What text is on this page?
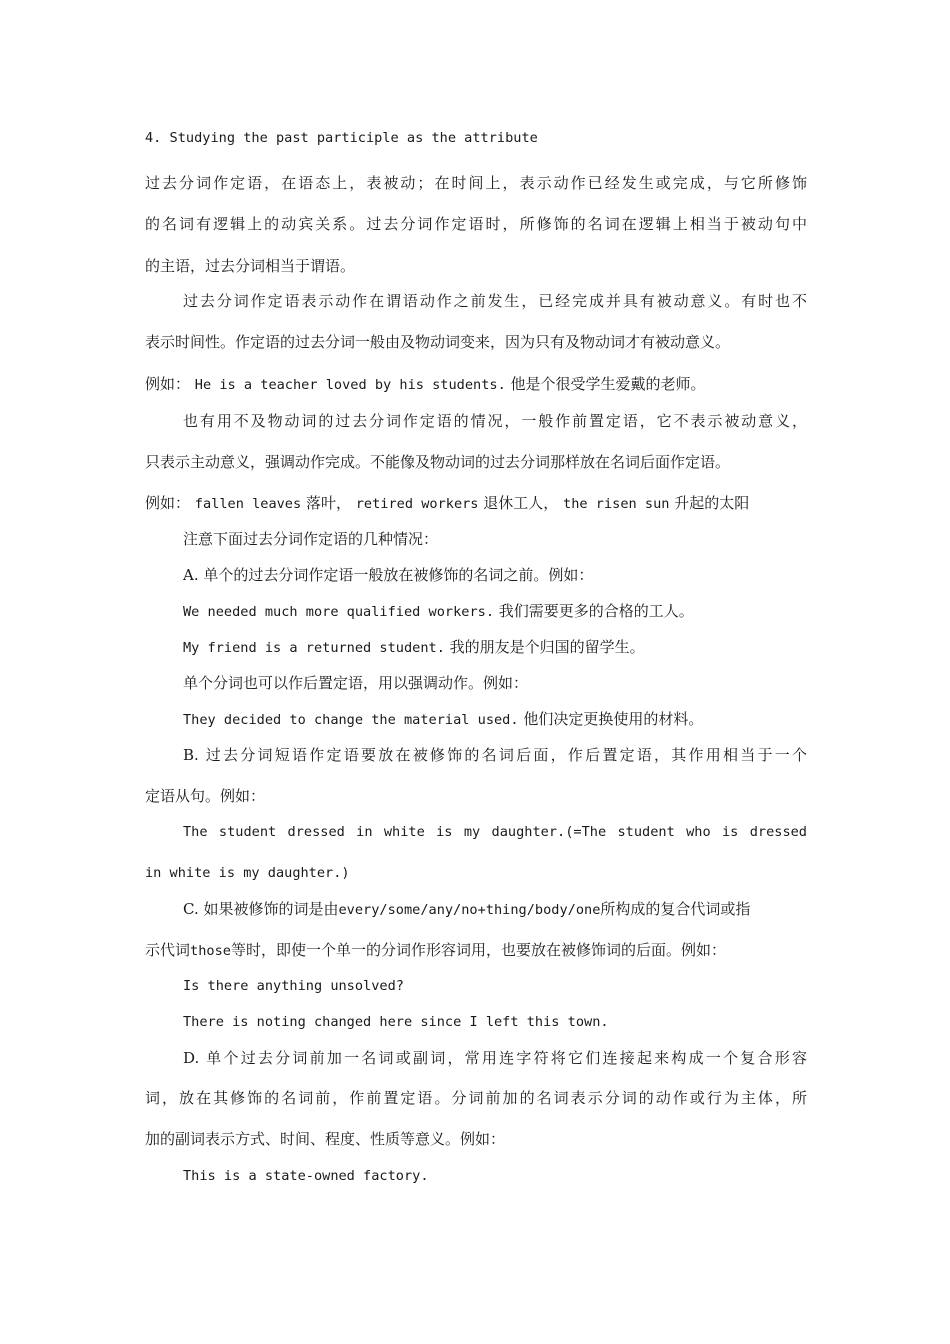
4. Studying the past participle as the attribute
过去分词作定语，在语态上，表被动；在时间上，表示动作已经发生或完成，与它所修饰
的名词有逻辑上的动宾关系。过去分词作定语时，所修饰的名词在逻辑上相当于被动句中
的主语，过去分词相当于谓语。
过去分词作定语表示动作在谓语动作之前发生，已经完成并具有被动意义。有时也不
表示时间性。作定语的过去分词一般由及物动词变来，因为只有及物动词才有被动意义。
例如： He is a teacher loved by his students. 他是个很受学生爱戴的老师。
也有用不及物动词的过去分词作定语的情况，一般作前置定语，它不表示被动意义，
只表示主动意义，强调动作完成。不能像及物动词的过去分词那样放在名词后面作定语。
例如： fallen leaves 落叶， retired workers 退休工人， the risen sun 升起的太阳
注意下面过去分词作定语的几种情况：
A. 单个的过去分词作定语一般放在被修饰的名词之前。例如：
We needed much more qualified workers. 我们需要更多的合格的工人。
My friend is a returned student. 我的朋友是个归国的留学生。
单个分词也可以作后置定语，用以强调动作。例如：
They decided to change the material used. 他们决定更换使用的材料。
B. 过去分词短语作定语要放在被修饰的名词后面，作后置定语，其作用相当于一个
定语从句。例如：
The student dressed in white is my daughter.(=The student who is dressed
in white is my daughter.)
C. 如果被修饰的词是由every/some/any/no+thing/body/one所构成的复合代词或指
示代词those等时，即使一个单一的分词作形容词用，也要放在被修饰词的后面。例如：
Is there anything unsolved?
There is noting changed here since I left this town.
D. 单个过去分词前加一名词或副词，常用连字符将它们连接起来构成一个复合形容
词，放在其修饰的名词前，作前置定语。分词前加的名词表示分词的动作或行为主体，所
加的副词表示方式、时间、程度、性质等意义。例如：
This is a state-owned factory.
